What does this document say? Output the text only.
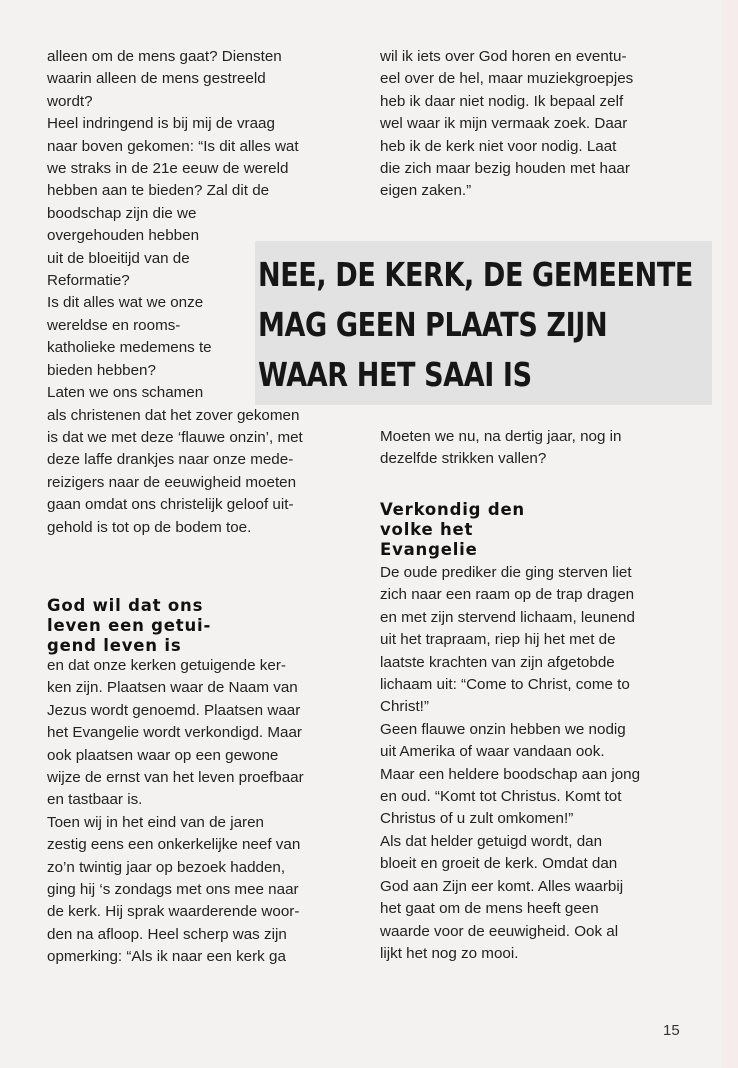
alleen om de mens gaat? Diensten
waarin alleen de mens gestreeld
wordt?
Heel indringend is bij mij de vraag
naar boven gekomen: “Is dit alles wat
we straks in de 21e eeuw de wereld
hebben aan te bieden? Zal dit de
boodschap zijn die we
overgehouden hebben
uit de bloeitijd van de
Reformatie?
Is dit alles wat we onze
wereldse en rooms-
katholieke medemens te
bieden hebben?
Laten we ons schamen
als christenen dat het zover gekomen
is dat we met deze ‘flauwe onzin’, met
deze laffe drankjes naar onze mede-
reizigers naar de eeuwigheid moeten
gaan omdat ons christelijk geloof uit-
gehold is tot op de bodem toe.
God wil dat ons
leven een getui-
gend leven is
en dat onze kerken getuigende ker-
ken zijn. Plaatsen waar de Naam van
Jezus wordt genoemd. Plaatsen waar
het Evangelie wordt verkondigd. Maar
ook plaatsen waar op een gewone
wijze de ernst van het leven proefbaar
en tastbaar is.
Toen wij in het eind van de jaren
zestig eens een onkerkelijke neef van
zo’n twintig jaar op bezoek hadden,
ging hij ‘s zondags met ons mee naar
de kerk. Hij sprak waarderende woor-
den na afloop. Heel scherp was zijn
opmerking: “Als ik naar een kerk ga
wil ik iets over God horen en eventu-
eel over de hel, maar muziekgroepjes
heb ik daar niet nodig. Ik bepaal zelf
wel waar ik mijn vermaak zoek. Daar
heb ik de kerk niet voor nodig. Laat
die zich maar bezig houden met haar
eigen zaken.”
NEE, DE KERK, DE GEMEENTE
MAG GEEN PLAATS ZIJN
WAAR HET SAAI IS
Moeten we nu, na dertig jaar, nog in
dezelfde strikken vallen?
Verkondig den
volke het
Evangelie
De oude prediker die ging sterven liet
zich naar een raam op de trap dragen
en met zijn stervend lichaam, leunend
uit het trapraam, riep hij het met de
laatste krachten van zijn afgetobde
lichaam uit: “Come to Christ, come to
Christ!”
Geen flauwe onzin hebben we nodig
uit Amerika of waar vandaan ook.
Maar een heldere boodschap aan jong
en oud. “Komt tot Christus. Komt tot
Christus of u zult omkomen!”
Als dat helder getuigd wordt, dan
bloeit en groeit de kerk. Omdat dan
God aan Zijn eer komt. Alles waarbij
het gaat om de mens heeft geen
waarde voor de eeuwigheid. Ook al
lijkt het nog zo mooi.
15
